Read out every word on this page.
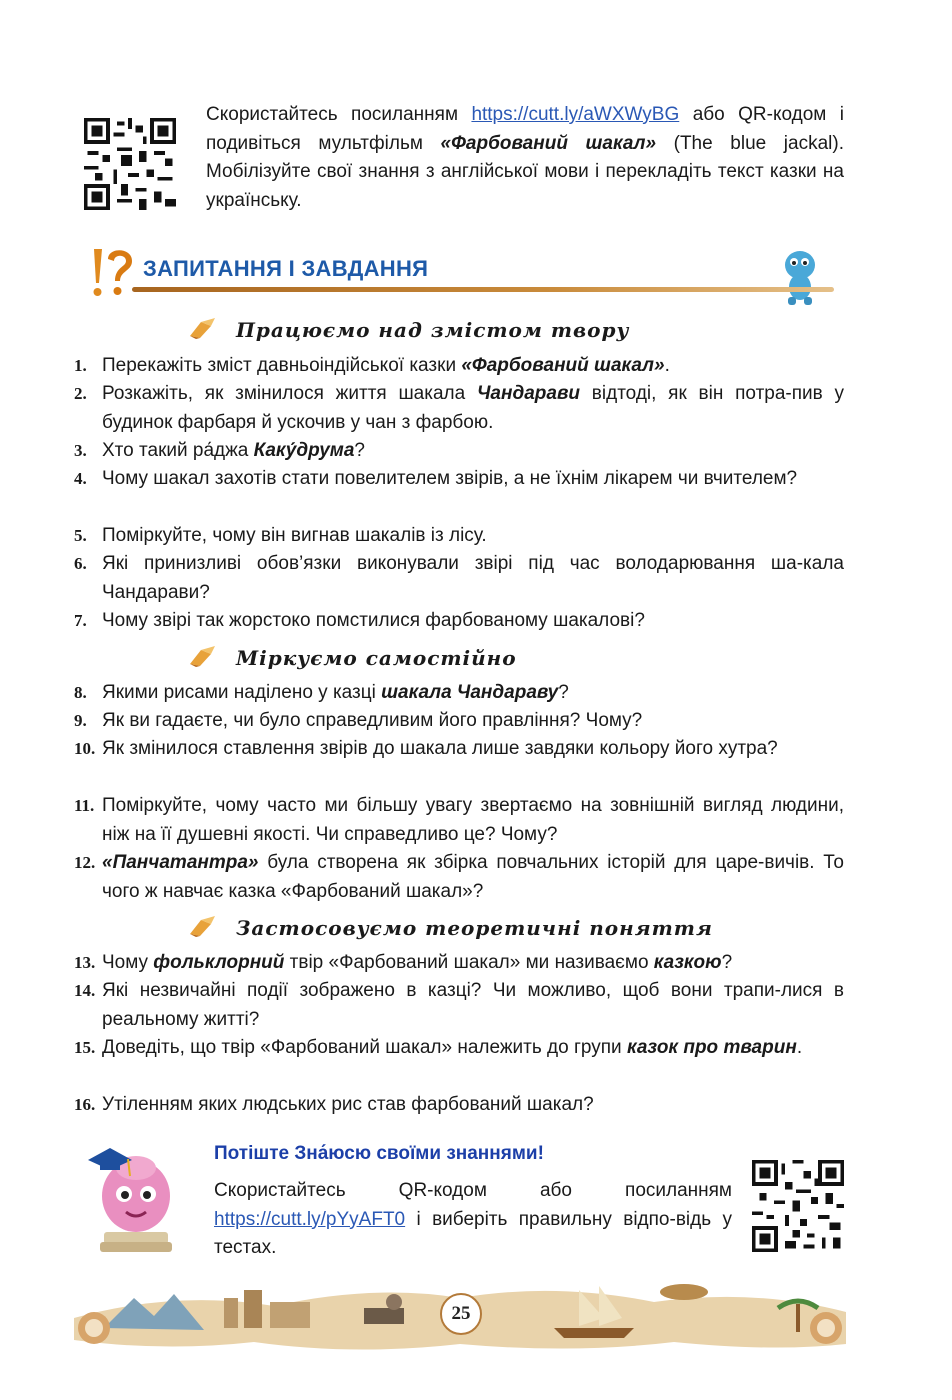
Скористайтесь посиланням https://cutt.ly/aWXWyBG або QR-кодом і подивіться мультфільм «Фарбований шакал» (The blue jackal). Мобілізуйте свої знання з англійської мови і перекладіть текст казки на українську.
ЗАПИТАННЯ І ЗАВДАННЯ
Працюємо над змістом твору
1. Перекажіть зміст давньоіндійської казки «Фарбований шакал».
2. Розкажіть, як змінилося життя шакала Чандарави відтоді, як він потра-пив у будинок фарбаря й ускочив у чан з фарбою.
3. Хто такий ра́джа Каку́друма?
4. Чому шакал захотів стати повелителем звірів, а не їхнім лікарем чи вчителем?
5. Поміркуйте, чому він вигнав шакалів із лісу.
6. Які принизливі обов’язки виконували звірі під час володарювання ша-кала Чандарави?
7. Чому звірі так жорстоко помстилися фарбованому шакалові?
Міркуємо самостійно
8. Якими рисами наділено у казці шакала Чандараву?
9. Як ви гадаєте, чи було справедливим його правління? Чому?
10. Як змінилося ставлення звірів до шакала лише завдяки кольору його хутра?
11. Поміркуйте, чому часто ми більшу увагу звертаємо на зовнішній вигляд людини, ніж на її душевні якості. Чи справедливо це? Чому?
12. «Панчатантра» була створена як збірка повчальних історій для царе-вичів. То чого ж навчає казка «Фарбований шакал»?
Застосовуємо теоретичні поняття
13. Чому фольклорний твір «Фарбований шакал» ми називаємо казкою?
14. Які незвичайні події зображено в казці? Чи можливо, щоб вони трапи-лися в реальному житті?
15. Доведіть, що твір «Фарбований шакал» належить до групи казок про тварин.
16. Утіленням яких людських рис став фарбований шакал?
Потіште Зна́юсю своїми знаннями!
Скористайтесь QR-кодом або посиланням https://cutt.ly/pYyAFT0 і виберіть правильну відпо-відь у тестах.
25
